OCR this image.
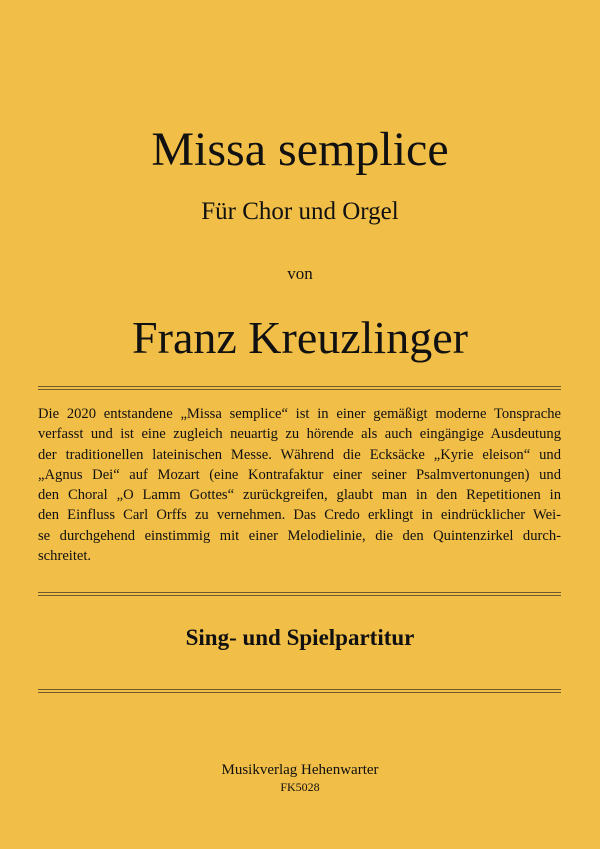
Missa semplice
Für Chor und Orgel
von
Franz Kreuzlinger
Die 2020 entstandene „Missa semplice“ ist in einer gemäßigt moderne Tonsprache
verfasst und ist eine zugleich neuartig zu hörende als auch eingängige Ausdeutung
der traditionellen lateinischen Messe. Während die Ecksäcke „Kyrie eleison“ und
„Agnus Dei“ auf Mozart (eine Kontrafaktur einer seiner Psalmvertonungen) und
den Choral „O Lamm Gottes“ zurückgreifen, glaubt man in den Repetitionen in
den Einfluss Carl Orffs zu vernehmen. Das Credo erklingt in eindrücklicher Wei-
se durchgehend einstimmig mit einer Melodielinie, die den Quintenzirkel durch-
schreitet.
Sing- und Spielpartitur
Musikverlag Hehenwarter
FK5028
